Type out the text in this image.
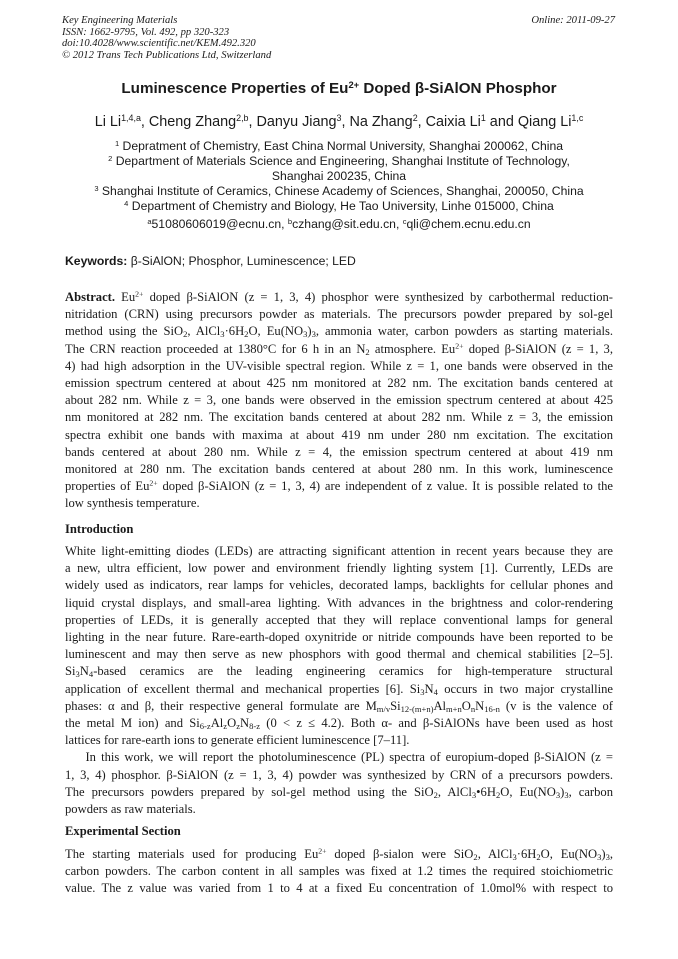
Key Engineering Materials
ISSN: 1662-9795, Vol. 492, pp 320-323
doi:10.4028/www.scientific.net/KEM.492.320
© 2012 Trans Tech Publications Ltd, Switzerland
Online: 2011-09-27
Luminescence Properties of $Eu^{2+}$ Doped β-SiAlON Phosphor
Li Li$^{1,4,a}$, Cheng Zhang$^{2,b}$, Danyu Jiang$^3$, Na Zhang$^2$, Caixia Li$^1$ and Qiang Li$^{1,c}$
$^1$ Depratment of Chemistry, East China Normal University, Shanghai 200062, China
$^2$ Department of Materials Science and Engineering, Shanghai Institute of Technology,
Shanghai 200235, China
$^3$ Shanghai Institute of Ceramics, Chinese Academy of Sciences, Shanghai, 200050, China
$^4$ Department of Chemistry and Biology, He Tao University, Linhe 015000, China
$^a$51080606019@ecnu.cn, $^b$czhang@sit.edu.cn, $^c$qli@chem.ecnu.edu.cn
Keywords: β-SiAlON; Phosphor, Luminescence; LED
Abstract. $Eu^{2+}$ doped β-SiAlON (z = 1, 3, 4) phosphor were synthesized by carbothermal reduction-
nitridation (CRN) using precursors powder as materials. The precursors powder prepared by sol-gel
method using the SiO$_2$, $AlCl_3\cdot 6H_2O$, $Eu(NO_3)_3$, ammonia water, carbon powders as starting materials.
The CRN reaction proceeded at 1380°C for 6 h in an $N_2$ atmosphere. $Eu^{2+}$ doped β-SiAlON (z = 1, 3,
4) had high adsorption in the UV-visible spectral region. While z = 1, one bands were observed in the
emission spectrum centered at about 425 nm monitored at 282 nm. The excitation bands centered at
about 282 nm. While z = 3, one bands were observed in the emission spectrum centered at about 425
nm monitored at 282 nm. The excitation bands centered at about 282 nm. While z = 3, the emission
spectra exhibit one bands with maxima at about 419 nm under 280 nm excitation. The excitation
bands centered at about 280 nm. While z = 4, the emission spectrum centered at about 419 nm
monitored at 280 nm. The excitation bands centered at about 280 nm. In this work, luminescence
properties of $Eu^{2+}$ doped β-SiAlON (z = 1, 3, 4) are independent of z value. It is possible related to the
low synthesis temperature.
Introduction
White light-emitting diodes (LEDs) are attracting significant attention in recent years because they are
a new, ultra efficient, low power and environment friendly lighting system [1]. Currently, LEDs are
widely used as indicators, rear lamps for vehicles, decorated lamps, backlights for cellular phones and
liquid crystal displays, and small-area lighting. With advances in the brightness and color-rendering
properties of LEDs, it is generally accepted that they will replace conventional lamps for general
lighting in the near future. Rare-earth-doped oxynitride or nitride compounds have been reported to be
luminescent and may then serve as new phosphors with good thermal and chemical stabilities [2–5].
$Si_3N_4$-based ceramics are the leading engineering ceramics for high-temperature structural
application of excellent thermal and mechanical properties [6]. $Si_3N_4$ occurs in two major crystalline
phases: α and β, their respective general formulate are $M_{m/v}Si_{12-(m+n)}Al_{m+n}O_nN_{16-n}$ (v is the valence of
the metal M ion) and $Si_{6-z}Al_zO_zN_{8-z}$ (0 < z ≤ 4.2). Both α- and β-SiAlONs have been used as host
lattices for rare-earth ions to generate efficient luminescence [7–11].
In this work, we will report the photoluminescence (PL) spectra of europium-doped β-SiAlON (z =
1, 3, 4) phosphor. β-SiAlON (z = 1, 3, 4) powder was synthesized by CRN of a precursors powders.
The precursors powders prepared by sol-gel method using the SiO$_2$, $AlCl_3•6H_2O$, $Eu(NO_3)_3$, carbon
powders as raw materials.
Experimental Section
The starting materials used for producing $Eu^{2+}$ doped β-sialon were SiO$_2$, $AlCl_3\cdot 6H_2O$, $Eu(NO_3)_3$,
carbon powders. The carbon content in all samples was fixed at 1.2 times the required stoichiometric
value. The z value was varied from 1 to 4 at a fixed Eu concentration of 1.0mol% with respect to
